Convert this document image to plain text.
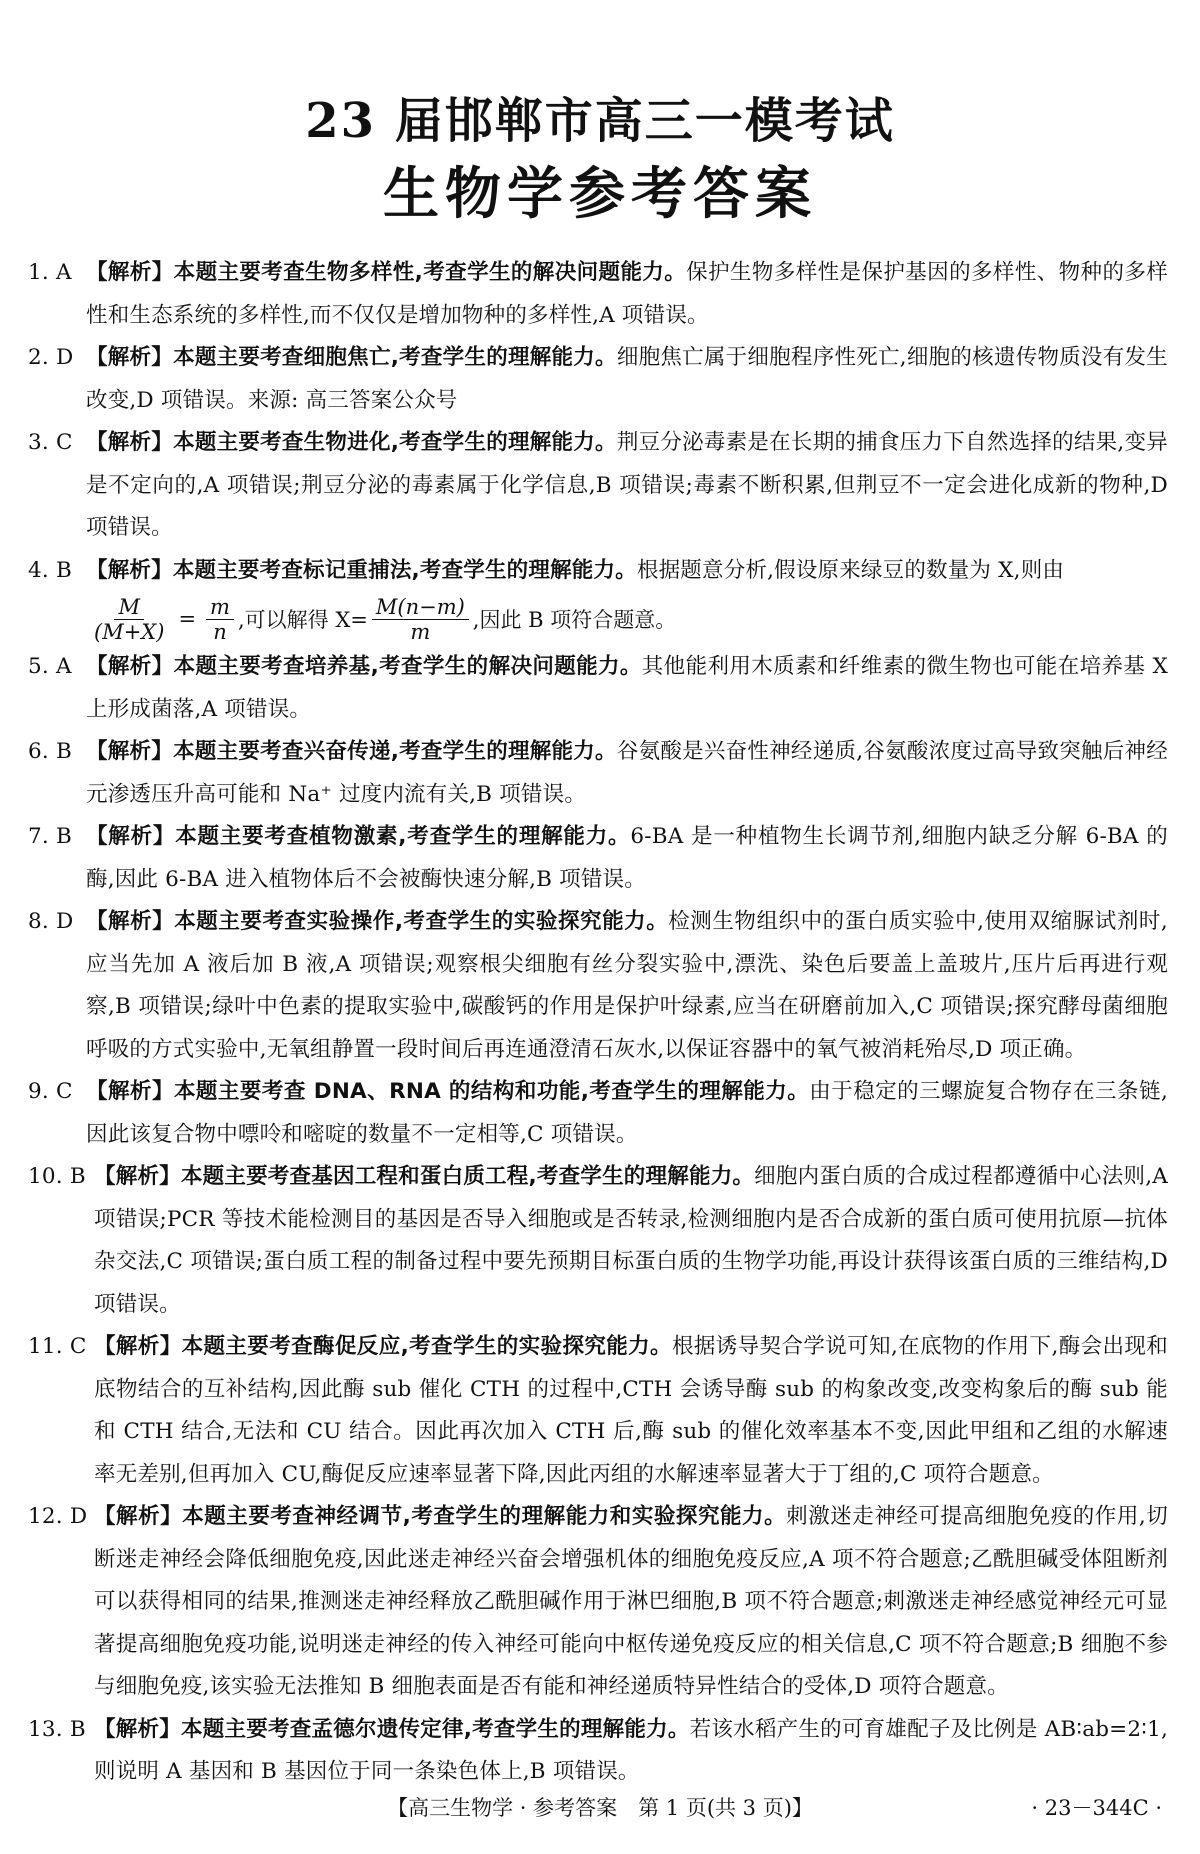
23 届邯郸市高三一模考试
生物学参考答案
1. A 【解析】本题主要考查生物多样性,考查学生的解决问题能力。保护生物多样性是保护基因的多样性、物种的多样性和生态系统的多样性,而不仅仅是增加物种的多样性,A 项错误。
2. D 【解析】本题主要考查细胞焦亡,考查学生的理解能力。细胞焦亡属于细胞程序性死亡,细胞的核遗传物质没有发生改变,D 项错误。来源: 高三答案公众号
3. C 【解析】本题主要考查生物进化,考查学生的理解能力。荆豆分泌毒素是在长期的捕食压力下自然选择的结果,变异是不定向的,A 项错误;荆豆分泌的毒素属于化学信息,B 项错误;毒素不断积累,但荆豆不一定会进化成新的物种,D 项错误。
4. B 【解析】本题主要考查标记重捕法,考查学生的理解能力。根据题意分析,假设原来绿豆的数量为 X,则由
$\frac{M}{(M+X)} = \frac{m}{n}$ ,可以解得 $X= \frac{M(n-m)}{m}$ ,因此 B 项符合题意。
5. A 【解析】本题主要考查培养基,考查学生的解决问题能力。其他能利用木质素和纤维素的微生物也可能在培养基 X 上形成菌落,A 项错误。
6. B 【解析】本题主要考查兴奋传递,考查学生的理解能力。谷氨酸是兴奋性神经递质,谷氨酸浓度过高导致突触后神经元渗透压升高可能和 Na⁺ 过度内流有关,B 项错误。
7. B 【解析】本题主要考查植物激素,考查学生的理解能力。6-BA 是一种植物生长调节剂,细胞内缺乏分解 6-BA 的酶,因此 6-BA 进入植物体后不会被酶快速分解,B 项错误。
8. D 【解析】本题主要考查实验操作,考查学生的实验探究能力。检测生物组织中的蛋白质实验中,使用双缩脲试剂时,应当先加 A 液后加 B 液,A 项错误;观察根尖细胞有丝分裂实验中,漂洗、染色后要盖上盖玻片,压片后再进行观察,B 项错误;绿叶中色素的提取实验中,碳酸钙的作用是保护叶绿素,应当在研磨前加入,C 项错误;探究酵母菌细胞呼吸的方式实验中,无氧组静置一段时间后再连通澄清石灰水,以保证容器中的氧气被消耗殆尽,D 项正确。
9. C 【解析】本题主要考查 DNA、RNA 的结构和功能,考查学生的理解能力。由于稳定的三螺旋复合物存在三条链,因此该复合物中嘌呤和嘧啶的数量不一定相等,C 项错误。
10. B 【解析】本题主要考查基因工程和蛋白质工程,考查学生的理解能力。细胞内蛋白质的合成过程都遵循中心法则,A 项错误;PCR 等技术能检测目的基因是否导入细胞或是否转录,检测细胞内是否合成新的蛋白质可使用抗原—抗体杂交法,C 项错误;蛋白质工程的制备过程中要先预期目标蛋白质的生物学功能,再设计获得该蛋白质的三维结构,D 项错误。
11. C 【解析】本题主要考查酶促反应,考查学生的实验探究能力。根据诱导契合学说可知,在底物的作用下,酶会出现和底物结合的互补结构,因此酶 sub 催化 CTH 的过程中,CTH 会诱导酶 sub 的构象改变,改变构象后的酶 sub 能和 CTH 结合,无法和 CU 结合。因此再次加入 CTH 后,酶 sub 的催化效率基本不变,因此甲组和乙组的水解速率无差别,但再加入 CU,酶促反应速率显著下降,因此丙组的水解速率显著大于丁组的,C 项符合题意。
12. D 【解析】本题主要考查神经调节,考查学生的理解能力和实验探究能力。刺激迷走神经可提高细胞免疫的作用,切断迷走神经会降低细胞免疫,因此迷走神经兴奋会增强机体的细胞免疫反应,A 项不符合题意;乙酰胆碱受体阻断剂可以获得相同的结果,推测迷走神经释放乙酰胆碱作用于淋巴细胞,B 项不符合题意;刺激迷走神经感觉神经元可显著提高细胞免疫功能,说明迷走神经的传入神经可能向中枢传递免疫反应的相关信息,C 项不符合题意;B 细胞不参与细胞免疫,该实验无法推知 B 细胞表面是否有能和神经递质特异性结合的受体,D 项符合题意。
13. B 【解析】本题主要考查孟德尔遗传定律,考查学生的理解能力。若该水稻产生的可育雄配子及比例是 AB∶ab=2∶1,则说明 A 基因和 B 基因位于同一条染色体上,B 项错误。
【高三生物学 · 参考答案　第 1 页(共 3 页)】	· 23－344C ·
